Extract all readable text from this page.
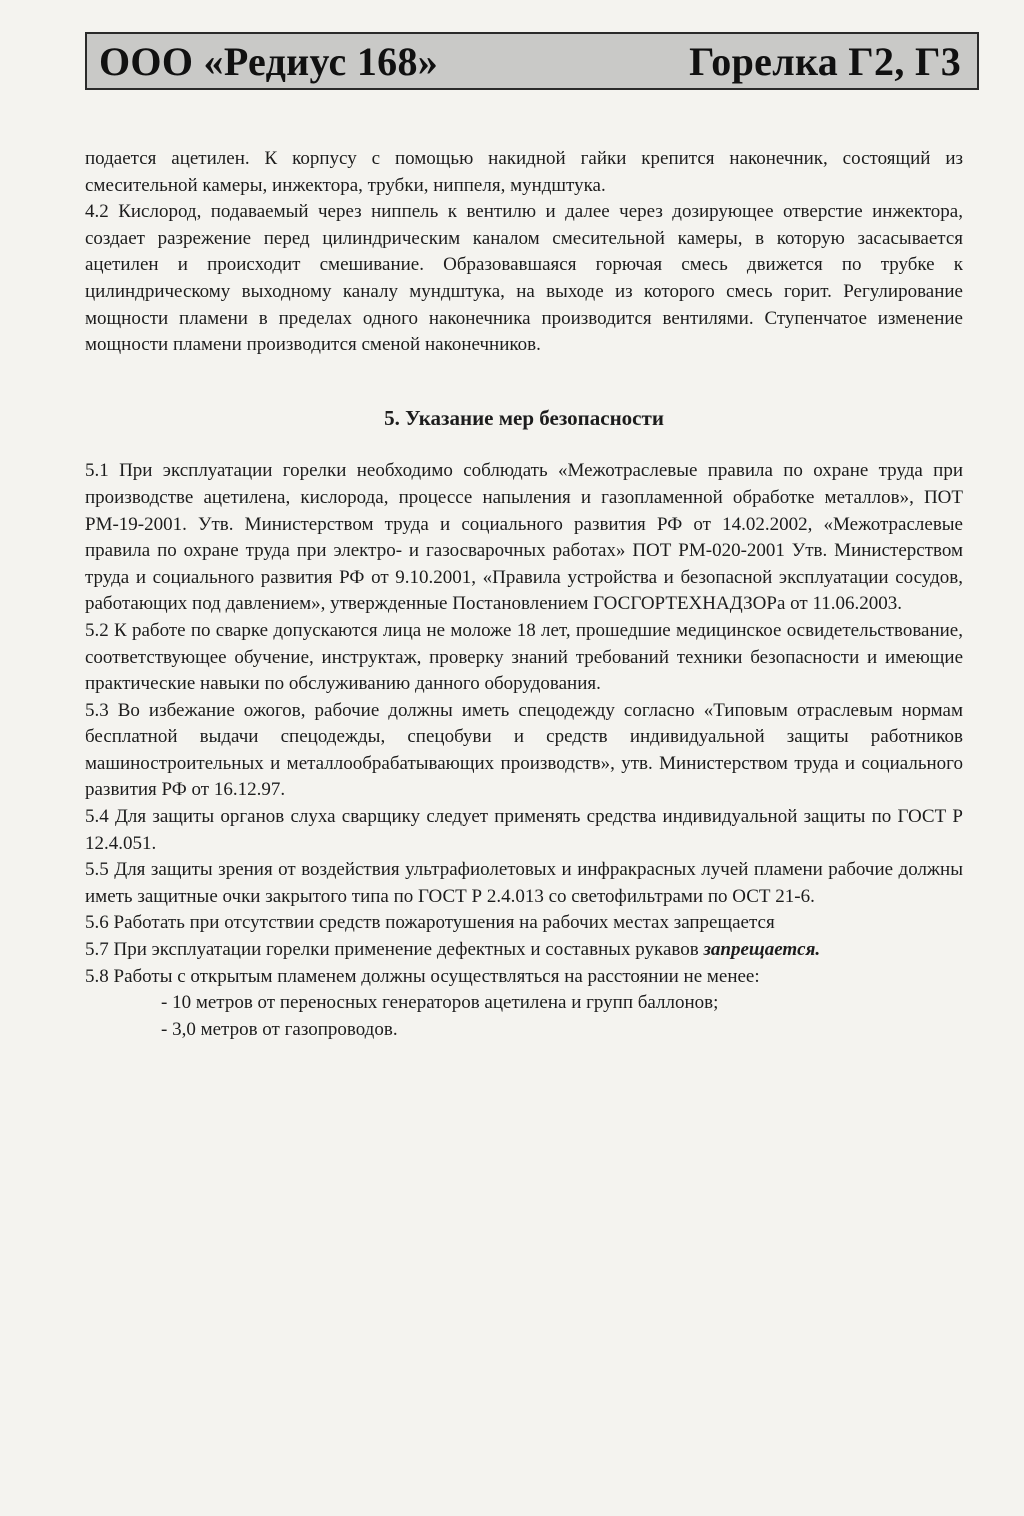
ООО «Редиус 168»	Горелка Г2, Г3

подается ацетилен. К корпусу с помощью накидной гайки крепится наконечник, состоящий из смесительной камеры, инжектора, трубки, ниппеля, мундштука.

4.2 Кислород, подаваемый через ниппель к вентилю и далее через дозирующее отверстие инжектора, создает разрежение перед цилиндрическим каналом смесительной камеры, в которую засасывается ацетилен и происходит смешивание. Образовавшаяся горючая смесь движется по трубке к цилиндрическому выходному каналу мундштука, на выходе из которого смесь горит. Регулирование мощности пламени в пределах одного наконечника производится вентилями. Ступенчатое изменение мощности пламени производится сменой наконечников.

5. Указание мер безопасности

5.1 При эксплуатации горелки необходимо соблюдать «Межотраслевые правила по охране труда при производстве ацетилена, кислорода, процессе напыления и газопламенной обработке металлов», ПОТ РМ-19-2001. Утв. Министерством труда и социального развития РФ от 14.02.2002, «Межотраслевые правила по охране труда при электро- и газосварочных работах» ПОТ РМ-020-2001 Утв. Министерством труда и социального развития РФ от 9.10.2001, «Правила устройства и безопасной эксплуатации сосудов, работающих под давлением», утвержденные Постановлением ГОСГОРТЕХНАДЗОРа от 11.06.2003.

5.2 К работе по сварке допускаются лица не моложе 18 лет, прошедшие медицинское освидетельствование, соответствующее обучение, инструктаж, проверку знаний требований техники безопасности и имеющие практические навыки по обслуживанию данного оборудования.

5.3 Во избежание ожогов, рабочие должны иметь спецодежду согласно «Типовым отраслевым нормам бесплатной выдачи спецодежды, спецобуви и средств индивидуальной защиты работников машиностроительных и металлообрабатывающих производств», утв. Министерством труда и социального развития РФ от 16.12.97.

5.4 Для защиты органов слуха сварщику следует применять средства индивидуальной защиты по ГОСТ Р 12.4.051.

5.5 Для защиты зрения от воздействия ультрафиолетовых и инфракрасных лучей пламени рабочие должны иметь защитные очки закрытого типа по ГОСТ Р 2.4.013 со светофильтрами по ОСТ 21-6.

5.6 Работать при отсутствии средств пожаротушения на рабочих местах запрещается

5.7 При эксплуатации горелки применение дефектных и составных рукавов запрещается.

5.8 Работы с открытым пламенем должны осуществляться на расстоянии не менее:

- 10 метров от переносных генераторов ацетилена и групп баллонов;

- 3,0 метров от газопроводов.
